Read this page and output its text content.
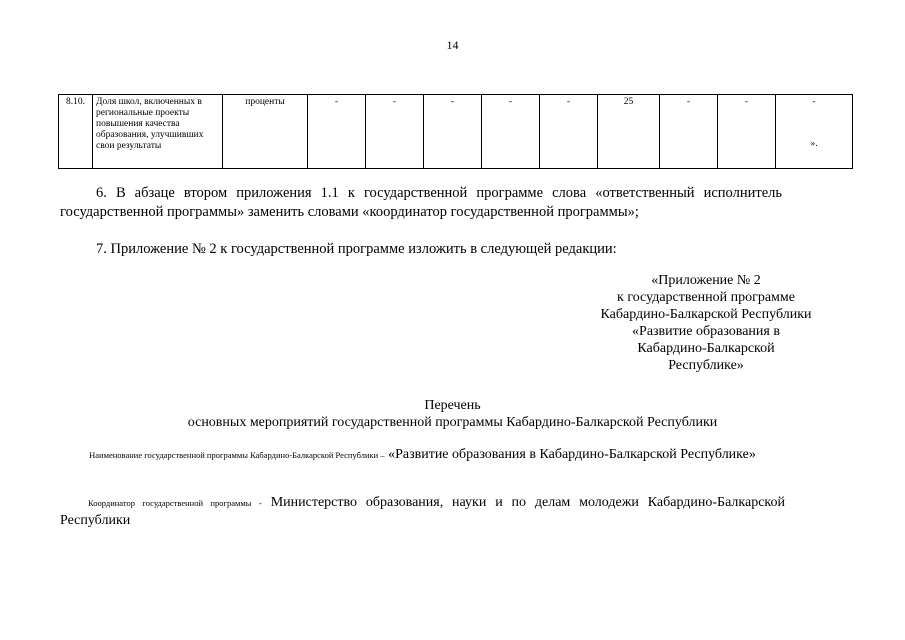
14
8.10.	Доля школ, включенных в региональные проекты повышения качества образования, улучшивших свои результаты	проценты	-	-	-	-	-	25	-	-	-
».
6. В абзаце втором приложения 1.1 к государственной программе слова «ответственный исполнитель государственной программы» заменить словами «координатор государственной программы»;
7. Приложение № 2 к государственной программе изложить в следующей редакции:
«Приложение № 2
к государственной программе
Кабардино-Балкарской Республики
«Развитие образования в
Кабардино-Балкарской
Республике»
Перечень
основных мероприятий государственной программы Кабардино-Балкарской Республики
Наименование государственной программы Кабардино-Балкарской Республики – «Развитие образования в Кабардино-Балкарской Республике»
Координатор государственной программы - Министерство образования, науки и по делам молодежи Кабардино-Балкарской Республики
